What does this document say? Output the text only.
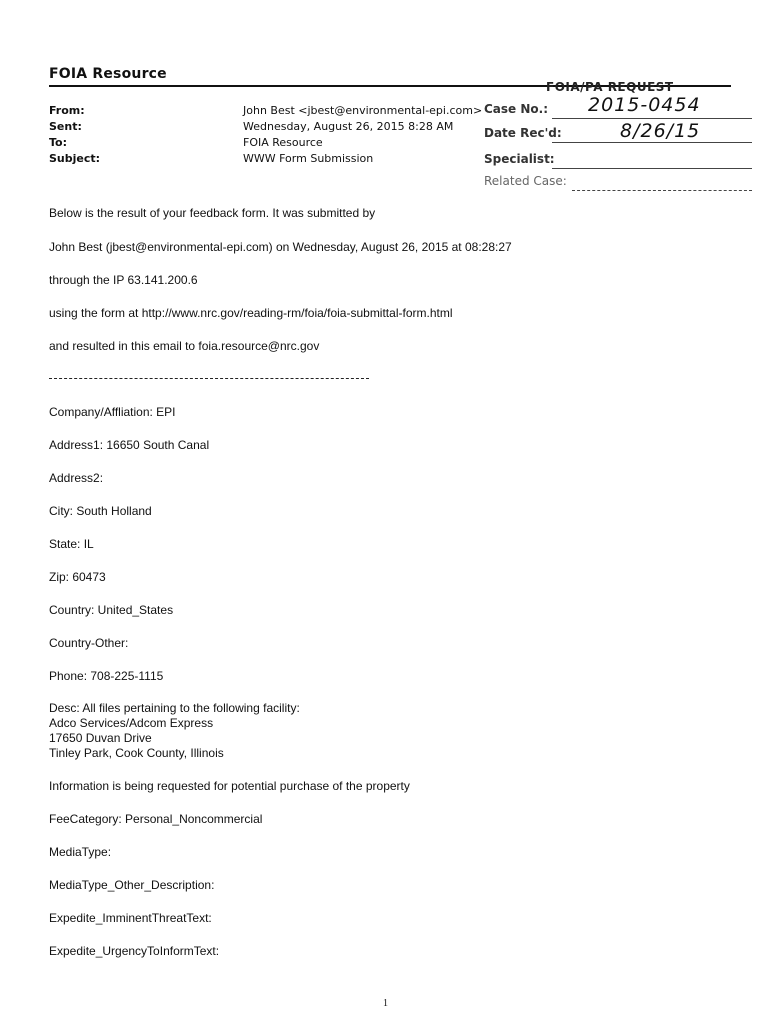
FOIA Resource
From:	John Best <jbest@environmental-epi.com>
Sent:	Wednesday, August 26, 2015 8:28 AM
To:	FOIA Resource
Subject:	WWW Form Submission
FOIA/PA REQUEST
Case No.: 2015-0454
Date Rec'd:	8/26/15
Specialist:
Related Case:
Below is the result of your feedback form. It was submitted by
John Best (jbest@environmental-epi.com) on Wednesday, August 26, 2015 at 08:28:27
through the IP 63.141.200.6
using the form at http://www.nrc.gov/reading-rm/foia/foia-submittal-form.html
and resulted in this email to foia.resource@nrc.gov
Company/Affliation: EPI
Address1: 16650 South Canal
Address2:
City: South Holland
State: IL
Zip: 60473
Country: United_States
Country-Other:
Phone: 708-225-1115
Desc: All files pertaining to the following facility:
Adco Services/Adcom Express
17650 Duvan Drive
Tinley Park, Cook County, Illinois
Information is being requested for potential purchase of the property
FeeCategory: Personal_Noncommercial
MediaType:
MediaType_Other_Description:
Expedite_ImminentThreatText:
Expedite_UrgencyToInformText:
1
